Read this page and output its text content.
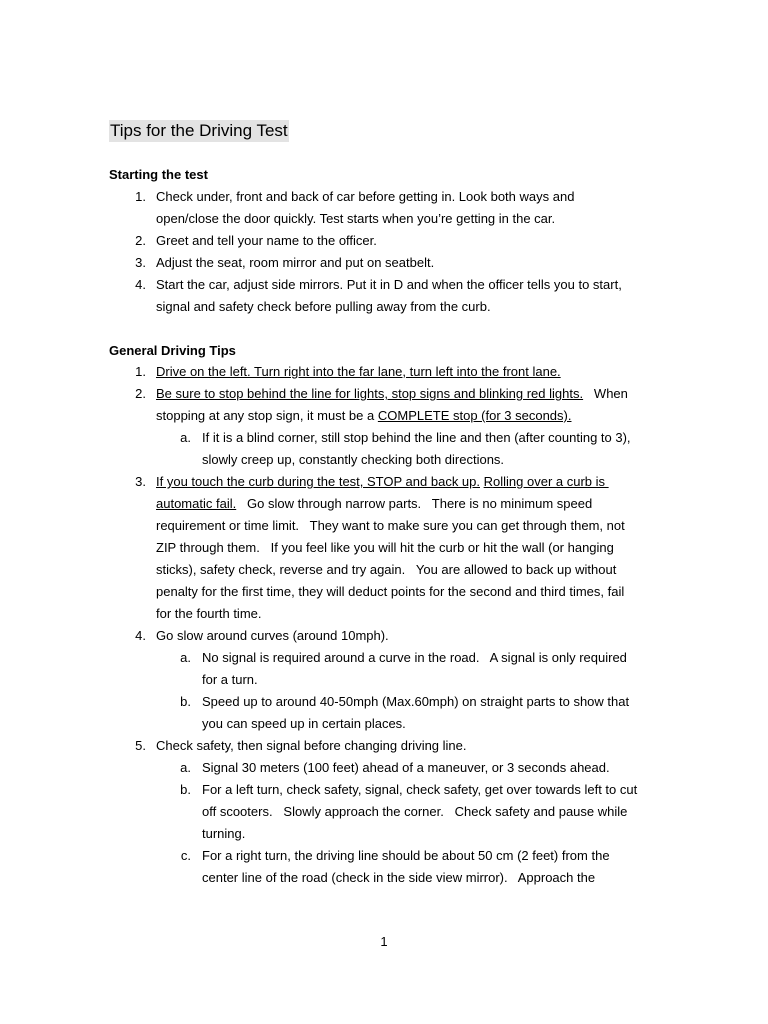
Tips for the Driving Test
Starting the test
1. Check under, front and back of car before getting in. Look both ways and
open/close the door quickly. Test starts when you’re getting in the car.
2. Greet and tell your name to the officer.
3. Adjust the seat, room mirror and put on seatbelt.
4. Start the car, adjust side mirrors. Put it in D and when the officer tells you to start,
signal and safety check before pulling away from the curb.
General Driving Tips
1. Drive on the left. Turn right into the far lane, turn left into the front lane.
2. Be sure to stop behind the line for lights, stop signs and blinking red lights.   When
stopping at any stop sign, it must be a COMPLETE stop (for 3 seconds).
a. If it is a blind corner, still stop behind the line and then (after counting to 3),
slowly creep up, constantly checking both directions.
3. If you touch the curb during the test, STOP and back up. Rolling over a curb is
automatic fail.   Go slow through narrow parts.   There is no minimum speed
requirement or time limit.   They want to make sure you can get through them, not
ZIP through them.   If you feel like you will hit the curb or hit the wall (or hanging
sticks), safety check, reverse and try again.   You are allowed to back up without
penalty for the first time, they will deduct points for the second and third times, fail
for the fourth time.
4. Go slow around curves (around 10mph).
a. No signal is required around a curve in the road.   A signal is only required
for a turn.
b. Speed up to around 40-50mph (Max.60mph) on straight parts to show that
you can speed up in certain places.
5. Check safety, then signal before changing driving line.
a. Signal 30 meters (100 feet) ahead of a maneuver, or 3 seconds ahead.
b. For a left turn, check safety, signal, check safety, get over towards left to cut
off scooters.   Slowly approach the corner.   Check safety and pause while
turning.
c. For a right turn, the driving line should be about 50 cm (2 feet) from the
center line of the road (check in the side view mirror).   Approach the
1
